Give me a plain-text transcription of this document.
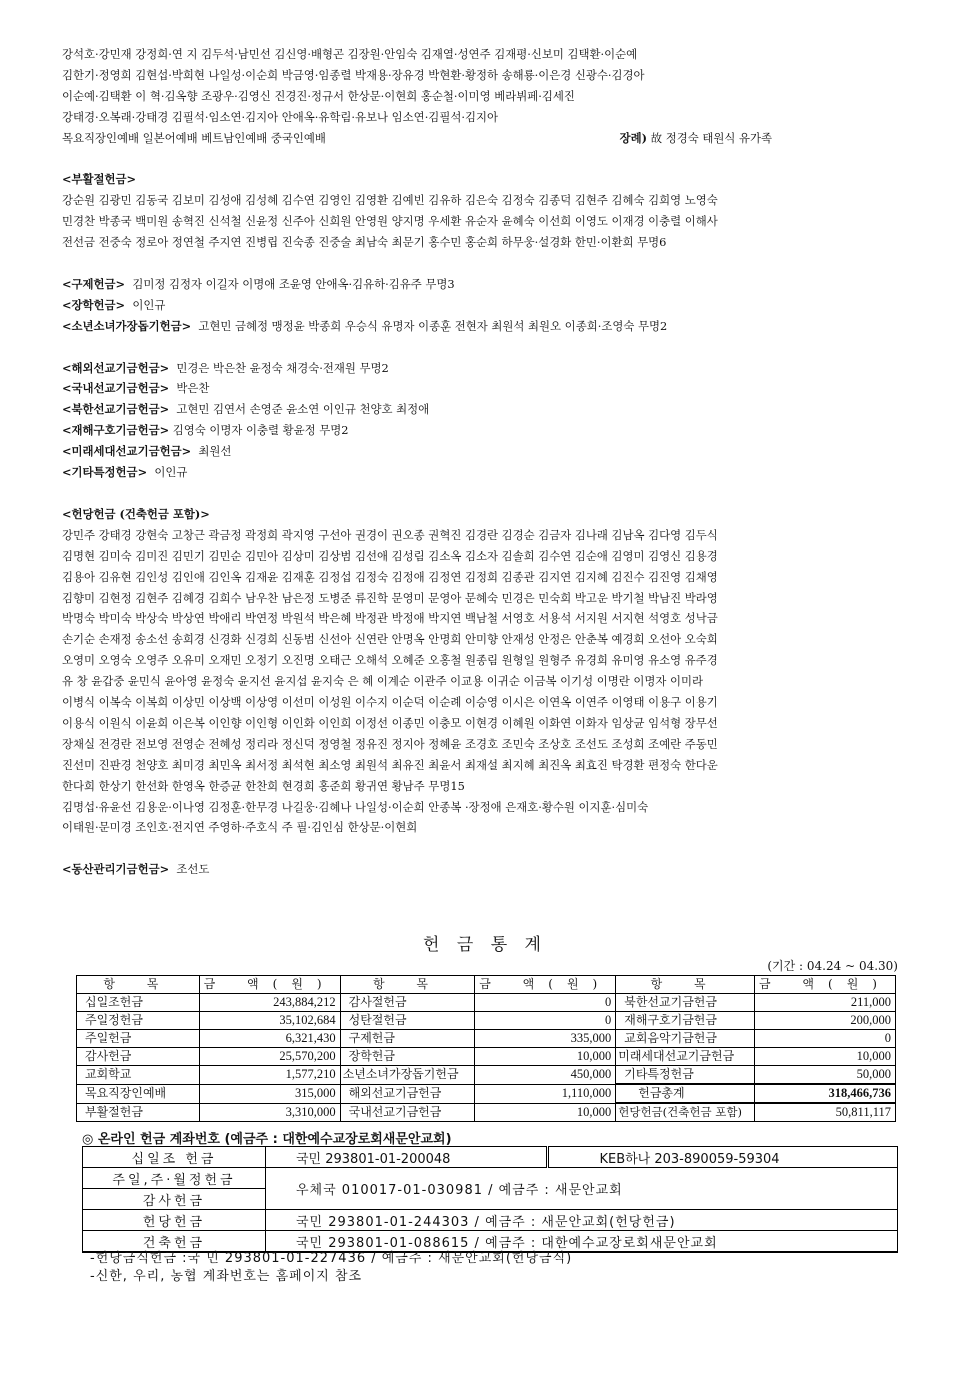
강석호·강민재 강정희·연 지 김두석·남민선 김신영·배형곤 김장원·안임숙 김재열·성연주 김재평·신보미 김택환·이순예
김한기·정영희 김현섭·박희현 나일성·이순희 박금영·임종렬 박재용·장유경 박현환·황정하 송해룡·이은경 신광수·김경아
이순예·김택환 이 혁·김옥향 조광우·김영신 진경진·정규서 한상문·이현희 홍순철·이미영 베라뷔페·김세진
강태경·오복래·강태경 김필석·임소연·김지아 안애옥·유학림·유보나 임소연·김필석·김지아
목요직장인예배 일본어예배 베트남인예배 중국인예배	장례) 故 정경숙 태원식 유가족
<부활절헌금>
강순원 김광민 김동국 김보미 김성애 김성혜 김수연 김영인 김영환 김예빈 김유하 김은숙 김정숙 김종덕 김현주 김혜숙 김희영 노영숙
민경찬 박종국 백미원 송혁진 신석철 신윤정 신주아 신희원 안영원 양지명 우세환 유순자 윤혜숙 이선희 이영도 이재경 이충렬 이해사
전선금 전중숙 정로아 정연철 주지연 진병립 진숙종 진중술 최남숙 최문기 홍수민 홍순희 하무웅·설경화 한민·이환희 무명6
<구제헌금> 김미정 김정자 이길자 이명애 조윤영 안애옥·김유하·김유주 무명3
<장학헌금> 이인규
<소년소녀가장돕기헌금> 고현민 금혜정 맹정윤 박종희 우승식 유명자 이종훈 전현자 최원석 최원오 이종희·조영숙 무명2
<해외선교기금헌금> 민경은 박은찬 윤정숙 채경숙·전재원 무명2
<국내선교기금헌금> 박은찬
<북한선교기금헌금> 고현민 김연서 손영준 윤소연 이인규 천양호 최정애
<재해구호기금헌금> 김영숙 이명자 이충렬 황윤정 무명2
<미래세대선교기금헌금> 최원선
<기타특정헌금> 이인규
<헌당헌금 (건축헌금 포함)>
강민주 강태경 강현숙 고창근 곽금정 곽정희 곽지영 구선아 권경이 권오종 권혁진 김경란 김경순 김금자 김나래 김남옥 김다영 김두식
김명현 김미숙 김미진 김민기 김민순 김민아 김상미 김상범 김선애 김성림 김소옥 김소자 김솔희 김수연 김순애 김영미 김영신 김용경
김용아 김유현 김인성 김인애 김인옥 김재윤 김재훈 김정섭 김정숙 김정애 김정연 김정희 김종관 김지연 김지혜 김진수 김진영 김채영
김향미 김현정 김현주 김혜경 김희수 남우찬 남은정 도병준 류진학 문영미 문영아 문혜숙 민경은 민숙희 박고운 박기철 박남진 박라영
박명숙 박미숙 박상숙 박상연 박애리 박연정 박원석 박은혜 박정관 박정애 박지연 백남철 서영호 서용석 서지원 서지현 석영호 성낙금
손기순 손재정 송소선 송희경 신경화 신경희 신동범 신선아 신연란 안명옥 안명희 안미향 안재성 안정은 안춘복 예경희 오선아 오숙희
오영미 오영숙 오영주 오유미 오재민 오정기 오진명 오태근 오해석 오혜준 오홍철 원종림 원형일 원형주 유경희 유미영 유소영 유주경
유 창 윤갑중 윤민식 윤아영 윤정숙 윤지선 윤지섭 윤지숙 은 혜 이계순 이관주 이교용 이귀순 이금복 이기성 이명란 이명자 이미라
이병식 이복숙 이복희 이상민 이상백 이상영 이선미 이성원 이수지 이순덕 이순례 이승영 이시은 이연옥 이연주 이영태 이용구 이용기
이용식 이원식 이윤희 이은복 이인향 이인형 이인화 이인희 이정선 이종민 이충모 이현경 이혜원 이화연 이화자 임상균 임석형 장무선
장채실 전경란 전보영 전영순 전혜성 정리라 정신덕 정영철 정유진 정지아 정혜윤 조경호 조민숙 조상호 조선도 조성희 조예란 주동민
진선미 진판경 천양호 최미경 최민옥 최서정 최석현 최소영 최원석 최유진 최윤서 최재설 최지혜 최진옥 최효진 탁경환 편정숙 한다운
한다희 한상기 한선화 한영옥 한증균 한찬희 현경희 홍준희 황귀연 황남주 무명15
김명섭·유윤선 김용운·이나영 김정훈·한무경 나길웅·김혜나 나일성·이순희 안종복 ·장정애 은재호·황수원 이지훈·심미숙
이태원·문미경 조인호·전지연 주영하·주호식 주 필·김인심 한상문·이현희
<동산관리기금헌금> 조선도
헌 금 통 계
(기간 : 04.24 ~ 04.30)
항 목	금 액(원)	항 목	금 액(원)	항 목	금 액(원)
십일조헌금	243,884,212	감사절헌금	0	북한선교기금헌금	211,000
주일정헌금	35,102,684	성탄절헌금	0	재해구호기금헌금	200,000
주일헌금	6,321,430	구제헌금	335,000	교회음악기금헌금	0
감사헌금	25,570,200	장학헌금	10,000	미래세대선교기금헌금	10,000
교회학교	1,577,210	소년소녀가장돕기헌금	450,000	기타특정헌금	50,000
목요직장인예배	315,000	해외선교기금헌금	1,110,000	헌금총계	318,466,736
부활절헌금	3,310,000	국내선교기금헌금	10,000	헌당헌금(건축헌금 포함)	50,811,117
◎ 온라인 헌금 계좌번호 (예금주 : 대한예수교장로회새문안교회)
십일조 헌금	국민 293801-01-200048	KEB하나 203-890059-59304
주일,주·월정헌금	우체국 010017-01-030981 / 예금주 : 새문안교회	
감사헌금		
헌당헌금	국민 293801-01-244303 / 예금주 : 새문안교회(헌당헌금)	
건축헌금	국민 293801-01-088615 / 예금주 : 대한예수교장로회새문안교회	
-헌당금식헌금 :국 민 293801-01-227436 / 예금주 : 새문안교회(헌당금식)
-신한, 우리, 농협 계좌번호는 홈페이지 참조
